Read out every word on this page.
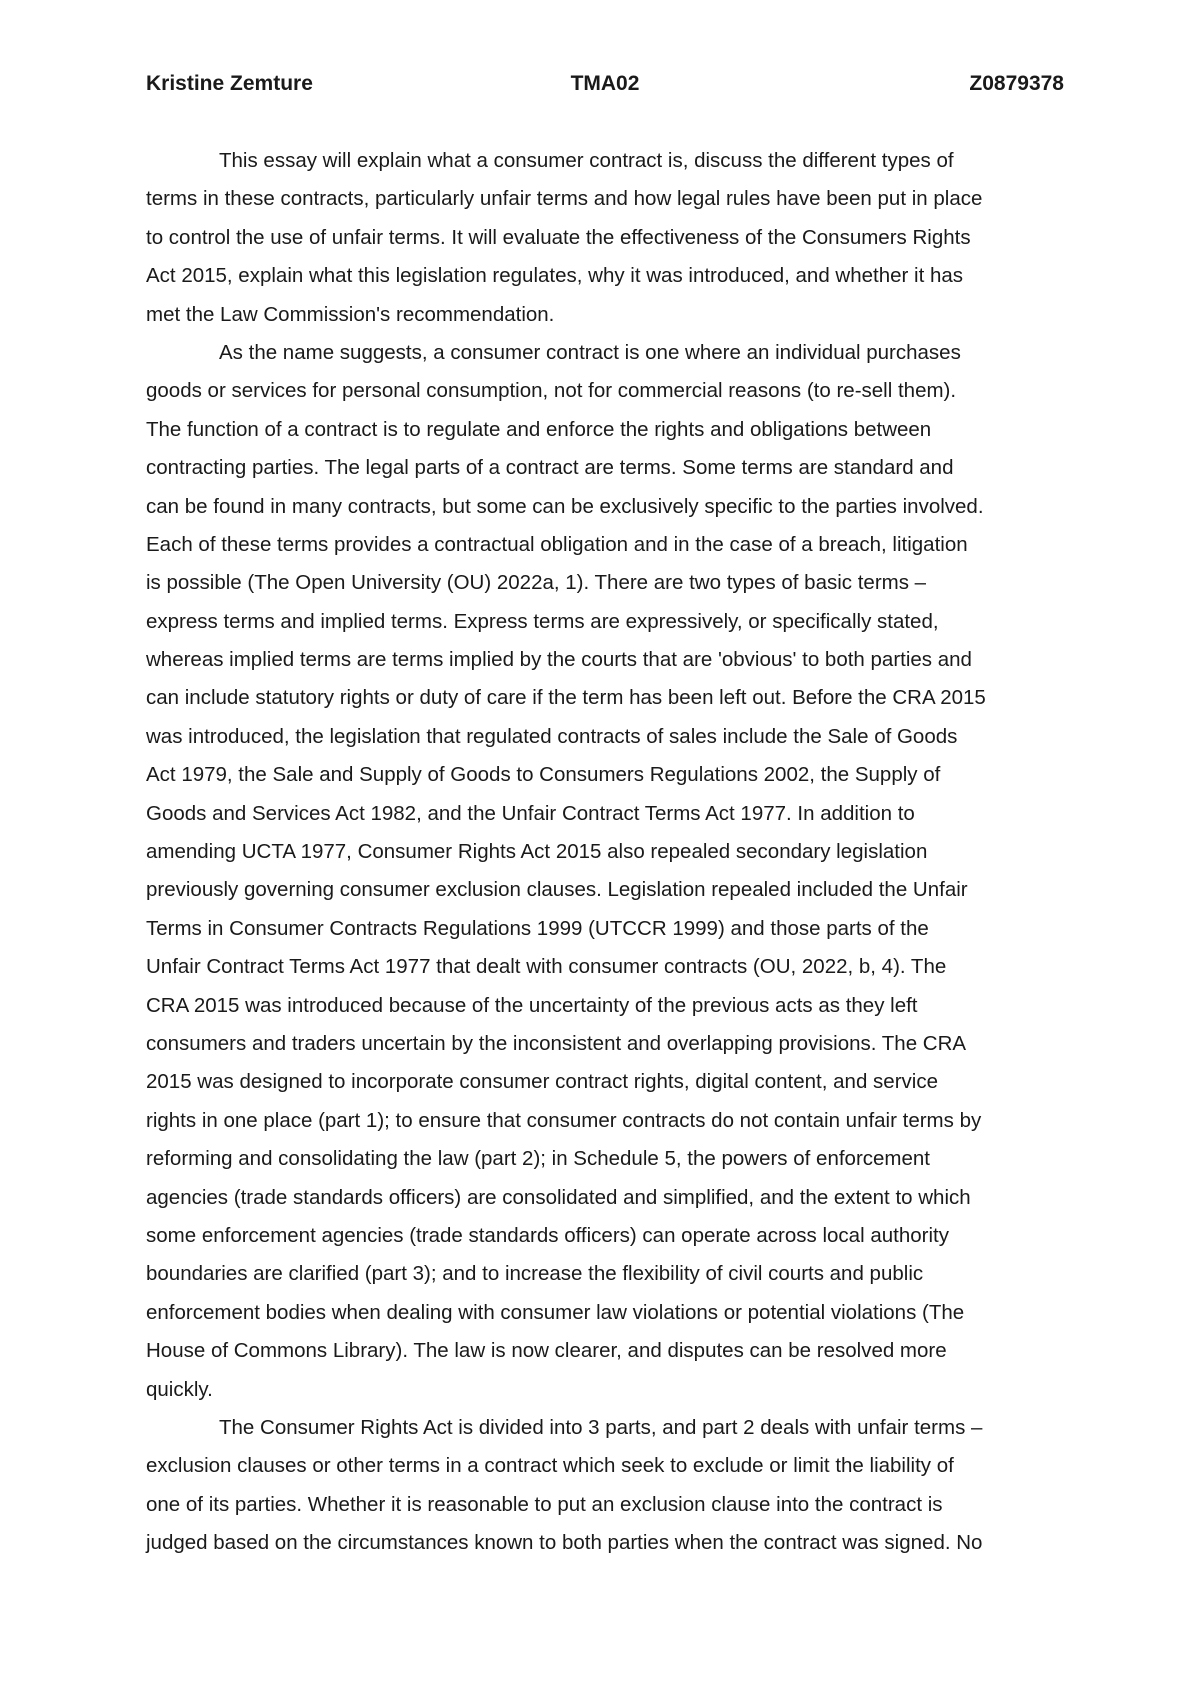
Kristine Zemture	TMA02	Z0879378
This essay will explain what a consumer contract is, discuss the different types of
terms in these contracts, particularly unfair terms and how legal rules have been put in place
to control the use of unfair terms. It will evaluate the effectiveness of the Consumers Rights
Act 2015, explain what this legislation regulates, why it was introduced, and whether it has
met the Law Commission's recommendation.
As the name suggests, a consumer contract is one where an individual purchases
goods or services for personal consumption, not for commercial reasons (to re-sell them).
The function of a contract is to regulate and enforce the rights and obligations between
contracting parties. The legal parts of a contract are terms. Some terms are standard and
can be found in many contracts, but some can be exclusively specific to the parties involved.
Each of these terms provides a contractual obligation and in the case of a breach, litigation
is possible (The Open University (OU) 2022a, 1). There are two types of basic terms –
express terms and implied terms. Express terms are expressively, or specifically stated,
whereas implied terms are terms implied by the courts that are 'obvious' to both parties and
can include statutory rights or duty of care if the term has been left out. Before the CRA 2015
was introduced, the legislation that regulated contracts of sales include the Sale of Goods
Act 1979, the Sale and Supply of Goods to Consumers Regulations 2002, the Supply of
Goods and Services Act 1982, and the Unfair Contract Terms Act 1977. In addition to
amending UCTA 1977, Consumer Rights Act 2015 also repealed secondary legislation
previously governing consumer exclusion clauses. Legislation repealed included the Unfair
Terms in Consumer Contracts Regulations 1999 (UTCCR 1999) and those parts of the
Unfair Contract Terms Act 1977 that dealt with consumer contracts (OU, 2022, b, 4). The
CRA 2015 was introduced because of the uncertainty of the previous acts as they left
consumers and traders uncertain by the inconsistent and overlapping provisions. The CRA
2015 was designed to incorporate consumer contract rights, digital content, and service
rights in one place (part 1); to ensure that consumer contracts do not contain unfair terms by
reforming and consolidating the law (part 2); in Schedule 5, the powers of enforcement
agencies (trade standards officers) are consolidated and simplified, and the extent to which
some enforcement agencies (trade standards officers) can operate across local authority
boundaries are clarified (part 3); and to increase the flexibility of civil courts and public
enforcement bodies when dealing with consumer law violations or potential violations (The
House of Commons Library). The law is now clearer, and disputes can be resolved more
quickly.
The Consumer Rights Act is divided into 3 parts, and part 2 deals with unfair terms –
exclusion clauses or other terms in a contract which seek to exclude or limit the liability of
one of its parties. Whether it is reasonable to put an exclusion clause into the contract is
judged based on the circumstances known to both parties when the contract was signed. No
